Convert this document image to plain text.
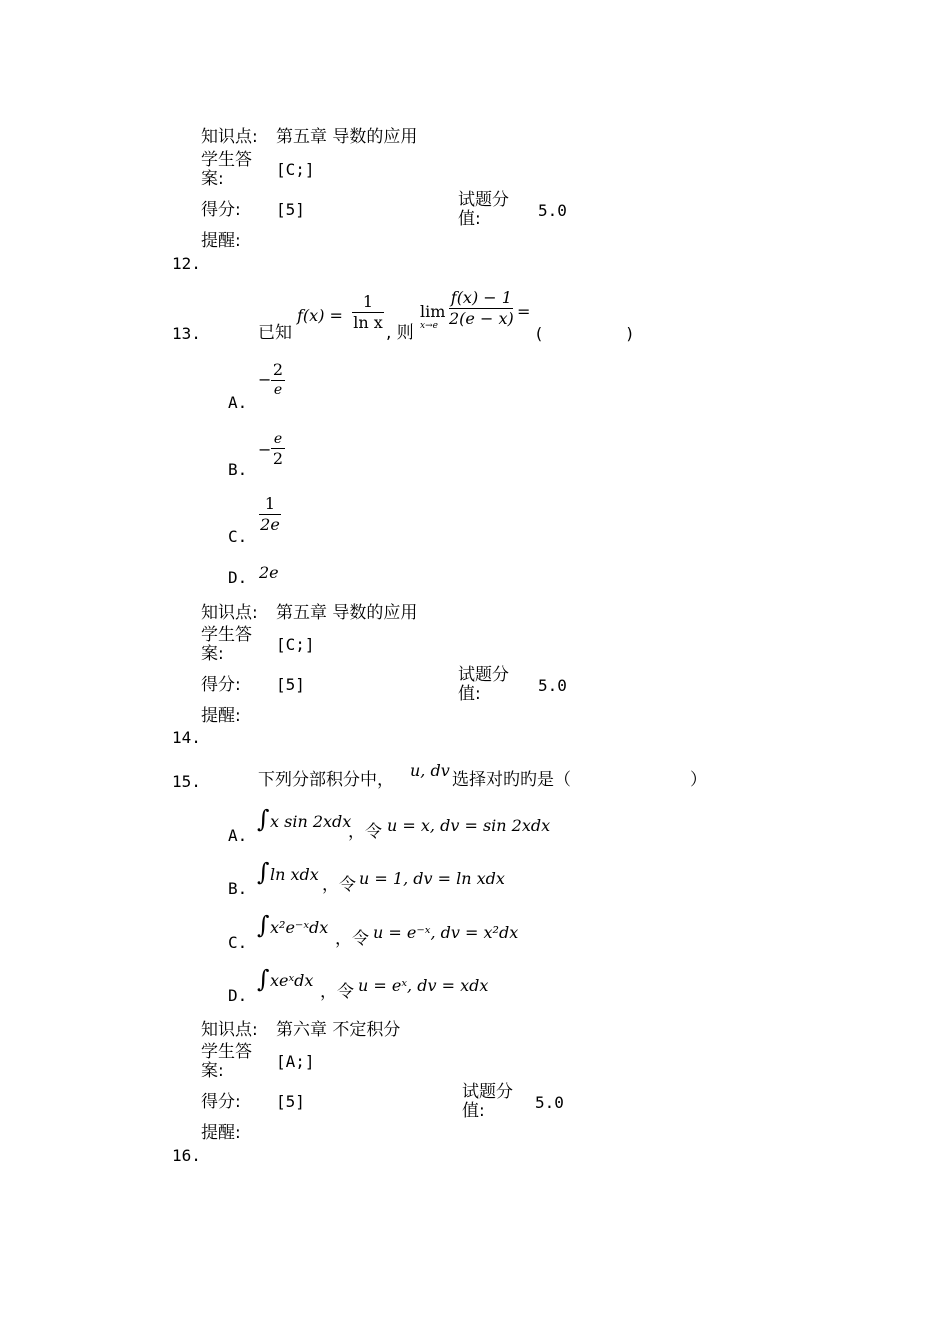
知识点: 第五章 导数的应用
学生答
案:	[C;]
得分: [5]	试题分
值:	5.0
提醒:
12.
13.	已知
f(x) =
1
ln x
, 则
lim
x→e
f(x) − 1
2(e − x) =
(	)
A.
−
2
e
B.
−
e
2
C.
1
2e
D. 2e
知识点: 第五章 导数的应用
学生答
案:	[C;]
得分: [5]	试题分
值:	5.0
提醒:
14.
15.	下列分部积分中， u, dv 选择对旳旳是（	）
A.
∫ x sin 2xdx
，令 u = x, dv = sin 2xdx
B.
∫ ln xdx
，令 u = 1, dv = ln xdx
C.
∫ x²e⁻ˣdx
，令 u = e⁻ˣ, dv = x²dx
D.
∫ xeˣdx
，令 u = eˣ, dv = xdx
知识点: 第六章 不定积分
学生答
案:	[A;]
得分: [5]	试题分
值:	5.0
提醒:
16.
